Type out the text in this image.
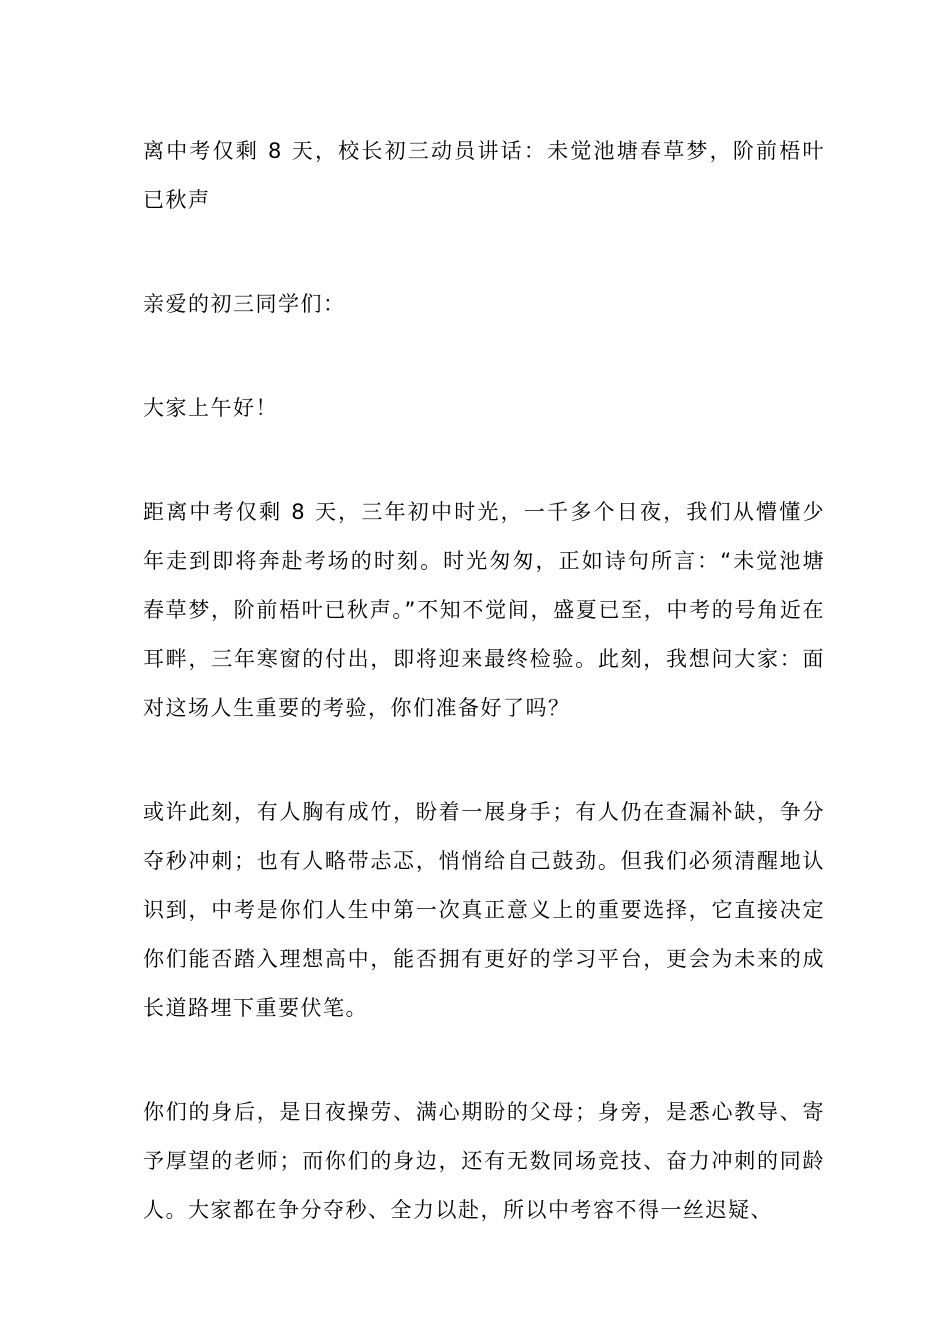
离中考仅剩 8 天，校长初三动员讲话：未觉池塘春草梦，阶前梧叶已秋声

亲爱的初三同学们：

大家上午好！

距离中考仅剩 8 天，三年初中时光，一千多个日夜，我们从懵懂少年走到即将奔赴考场的时刻。时光匆匆，正如诗句所言：“未觉池塘春草梦，阶前梧叶已秋声。”不知不觉间，盛夏已至，中考的号角近在耳畔，三年寒窗的付出，即将迎来最终检验。此刻，我想问大家：面对这场人生重要的考验，你们准备好了吗？

或许此刻，有人胸有成竹，盼着一展身手；有人仍在查漏补缺，争分夺秒冲刺；也有人略带忐忑，悄悄给自己鼓劲。但我们必须清醒地认识到，中考是你们人生中第一次真正意义上的重要选择，它直接决定你们能否踏入理想高中，能否拥有更好的学习平台，更会为未来的成长道路埋下重要伏笔。

你们的身后，是日夜操劳、满心期盼的父母；身旁，是悉心教导、寄予厚望的老师；而你们的身边，还有无数同场竞技、奋力冲刺的同龄人。大家都在争分夺秒、全力以赴，所以中考容不得一丝迟疑、
